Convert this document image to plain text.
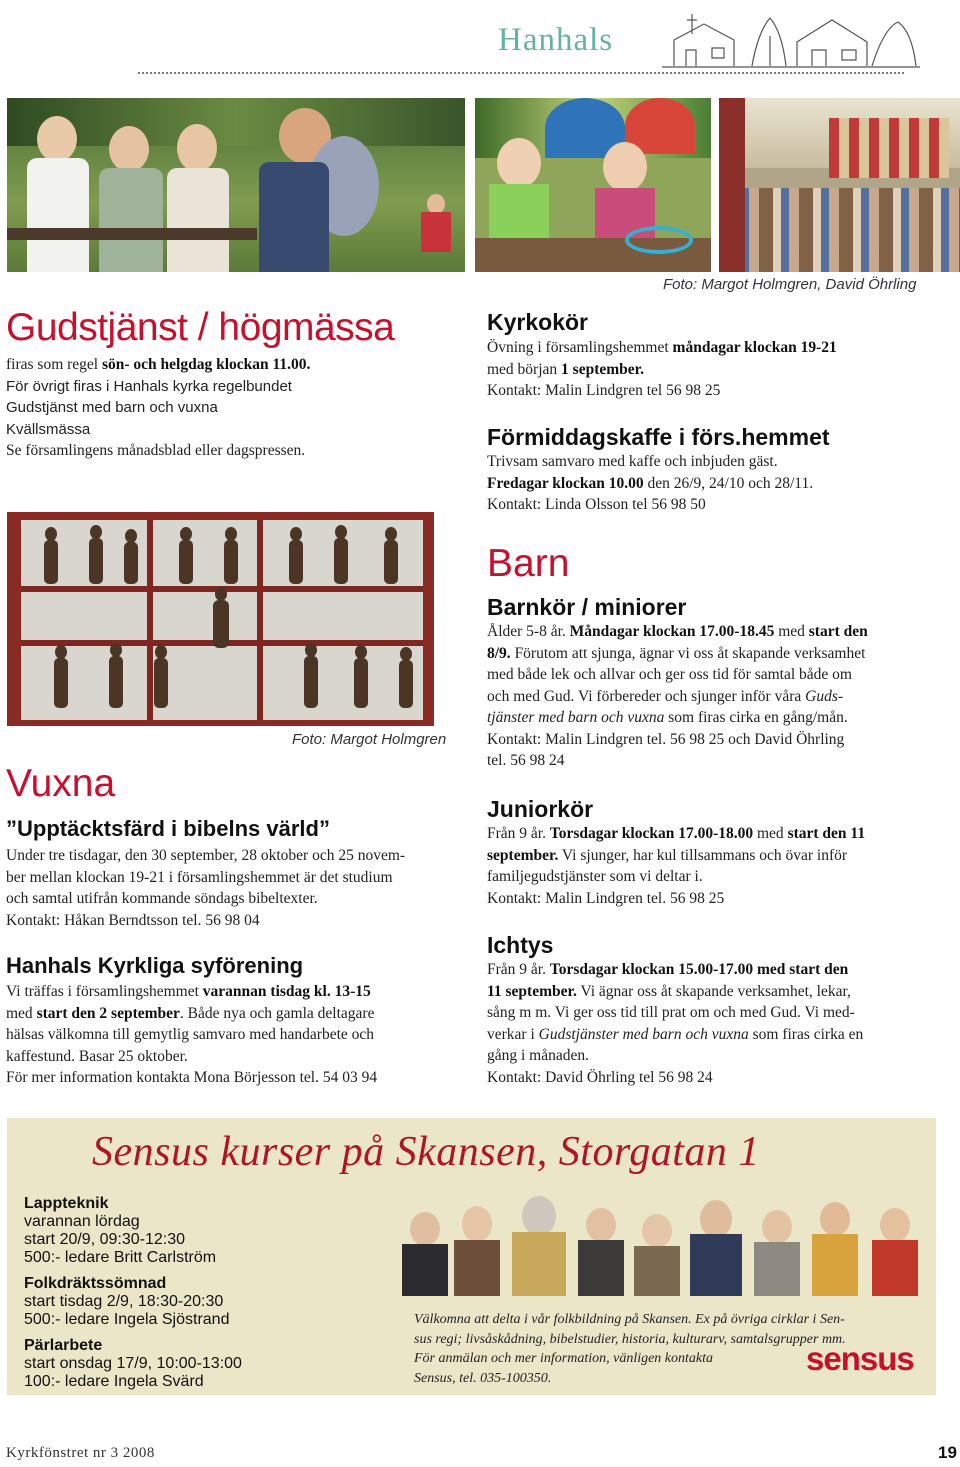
Hanhals
Foto: Margot Holmgren, David Öhrling
Gudstjänst / högmässa
firas som regel sön- och helgdag klockan 11.00.
För övrigt firas i Hanhals kyrka regelbundet
Gudstjänst med barn och vuxna
Kvällsmässa
Se församlingens månadsblad eller dagspressen.
Foto: Margot Holmgren
Vuxna
”Upptäcktsfärd i bibelns värld”
Under tre tisdagar, den 30 september, 28 oktober och 25 novem-
ber mellan klockan 19-21 i församlingshemmet är det studium
och samtal utifrån kommande söndags bibeltexter.
Kontakt: Håkan Berndtsson tel. 56 98 04
Hanhals Kyrkliga syförening
Vi träffas i församlingshemmet varannan tisdag kl. 13-15
med start den 2 september. Både nya och gamla deltagare
hälsas välkomna till gemytlig samvaro med handarbete och
kaffestund. Basar 25 oktober.
För mer information kontakta Mona Börjesson tel. 54 03 94
Kyrkokör
Övning i församlingshemmet måndagar klockan 19-21
med början 1 september.
Kontakt: Malin Lindgren tel 56 98 25
Förmiddagskaffe i förs.hemmet
Trivsam samvaro med kaffe och inbjuden gäst.
Fredagar klockan 10.00 den 26/9, 24/10 och 28/11.
Kontakt: Linda Olsson tel 56 98 50
Barn
Barnkör / miniorer
Ålder 5-8 år. Måndagar klockan 17.00-18.45 med start den
8/9. Förutom att sjunga, ägnar vi oss åt skapande verksamhet
med både lek och allvar och ger oss tid för samtal både om
och med Gud. Vi förbereder och sjunger inför våra Guds-
tjänster med barn och vuxna som firas cirka en gång/mån.
Kontakt: Malin Lindgren tel. 56 98 25 och David Öhrling
tel. 56 98 24
Juniorkör
Från 9 år. Torsdagar klockan 17.00-18.00 med start den 11
september. Vi sjunger, har kul tillsammans och övar inför
familjegudstjänster som vi deltar i.
Kontakt: Malin Lindgren tel. 56 98 25
Ichtys
Från 9 år. Torsdagar klockan 15.00-17.00 med start den
11 september. Vi ägnar oss åt skapande verksamhet, lekar,
sång m m. Vi ger oss tid till prat om och med Gud. Vi med-
verkar i Gudstjänster med barn och vuxna som firas cirka en
gång i månaden.
Kontakt: David Öhrling tel 56 98 24
Sensus kurser på Skansen, Storgatan 1
Lappteknik
varannan lördag
start 20/9, 09:30-12:30
500:- ledare Britt Carlström
Folkdräktssömnad
start tisdag 2/9, 18:30-20:30
500:- ledare Ingela Sjöstrand
Pärlarbete
start onsdag 17/9, 10:00-13:00
100:- ledare Ingela Svärd
Välkomna att delta i vår folkbildning på Skansen. Ex på övriga cirklar i Sen-
sus regi; livsåskådning, bibelstudier, historia, kulturarv, samtalsgrupper mm.
För anmälan och mer information, vänligen kontakta
Sensus, tel. 035-100350.
sensus
Kyrkfönstret nr 3 2008	19
